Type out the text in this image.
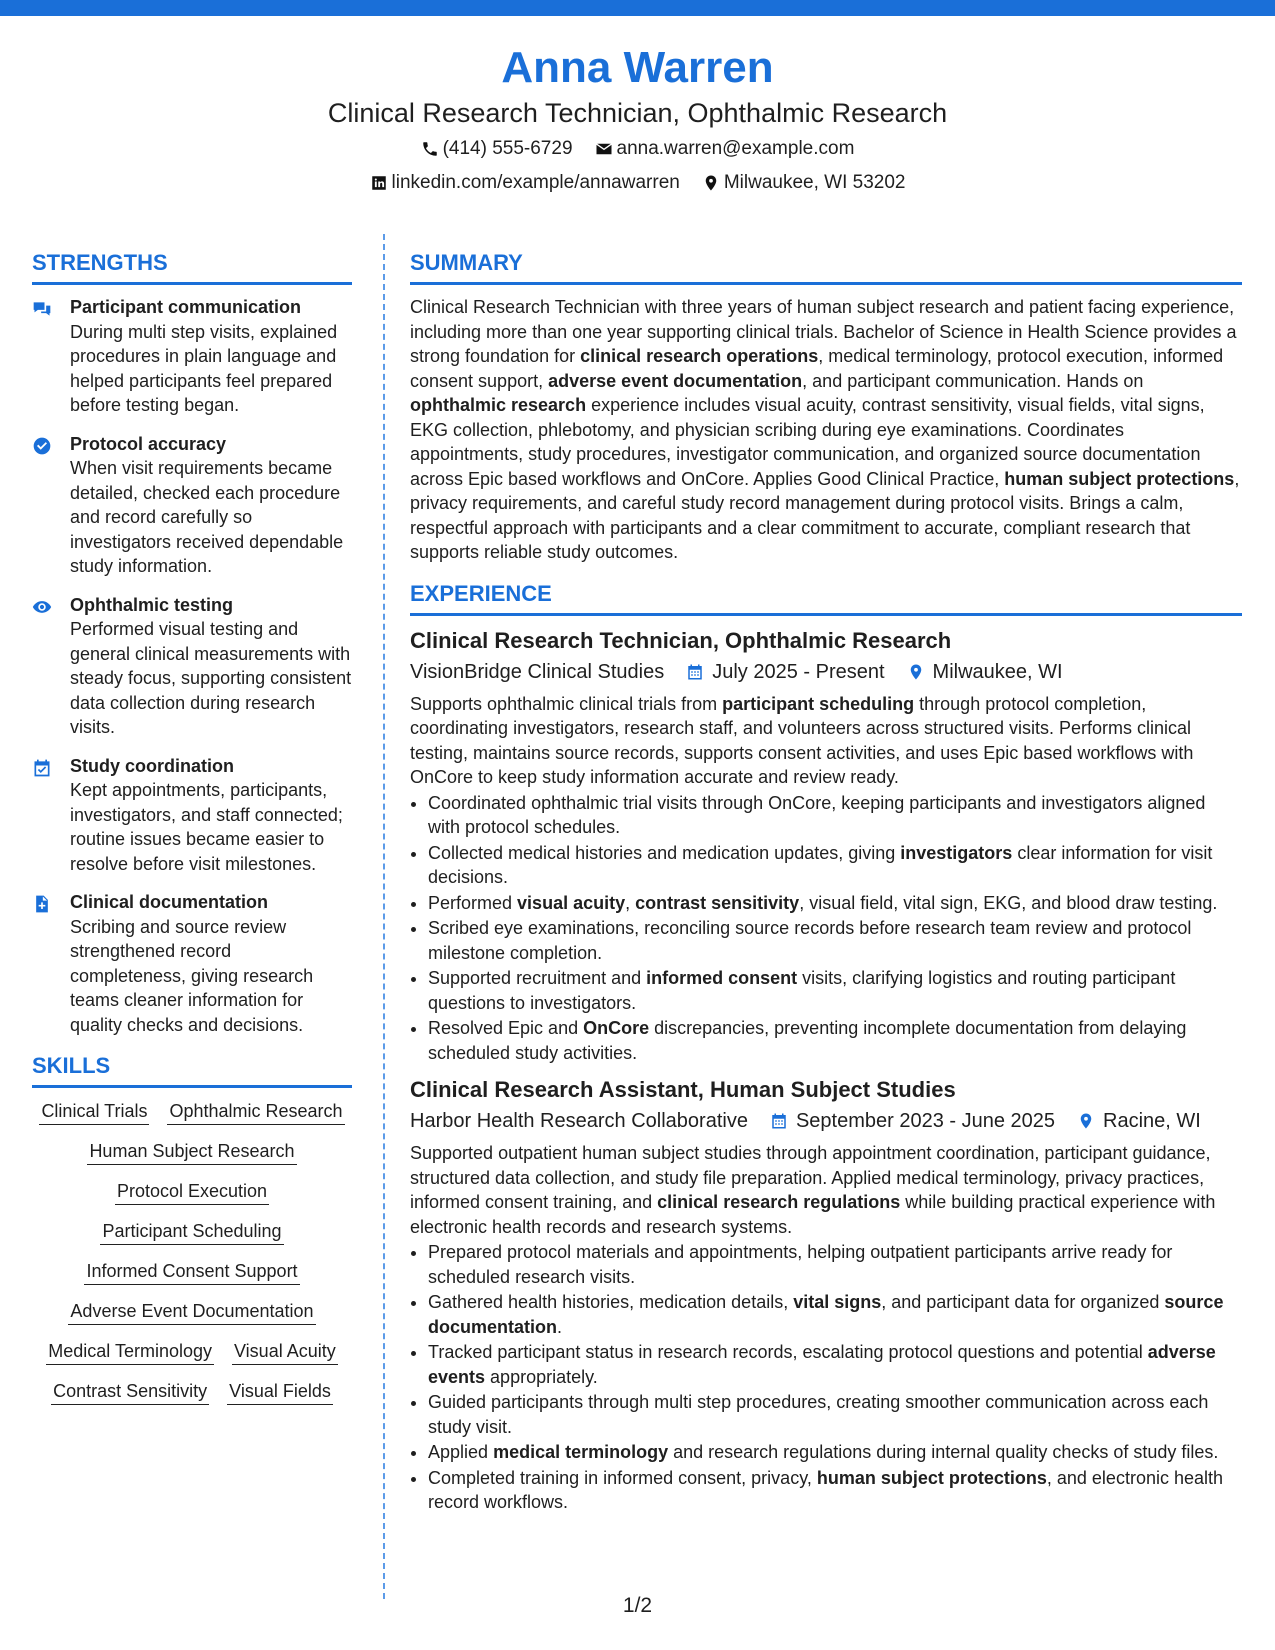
Anna Warren
Clinical Research Technician, Ophthalmic Research
(414) 555-6729 anna.warren@example.com
linkedin.com/example/annawarren Milwaukee, WI 53202
STRENGTHS
Participant communication
During multi step visits, explained procedures in plain language and helped participants feel prepared before testing began.
Protocol accuracy
When visit requirements became detailed, checked each procedure and record carefully so investigators received dependable study information.
Ophthalmic testing
Performed visual testing and general clinical measurements with steady focus, supporting consistent data collection during research visits.
Study coordination
Kept appointments, participants, investigators, and staff connected; routine issues became easier to resolve before visit milestones.
Clinical documentation
Scribing and source review strengthened record completeness, giving research teams cleaner information for quality checks and decisions.
SKILLS
Clinical Trials Ophthalmic Research
Human Subject Research
Protocol Execution
Participant Scheduling
Informed Consent Support
Adverse Event Documentation
Medical Terminology Visual Acuity
Contrast Sensitivity Visual Fields
SUMMARY
Clinical Research Technician with three years of human subject research and patient facing experience, including more than one year supporting clinical trials. Bachelor of Science in Health Science provides a strong foundation for clinical research operations, medical terminology, protocol execution, informed consent support, adverse event documentation, and participant communication. Hands on ophthalmic research experience includes visual acuity, contrast sensitivity, visual fields, vital signs, EKG collection, phlebotomy, and physician scribing during eye examinations. Coordinates appointments, study procedures, investigator communication, and organized source documentation across Epic based workflows and OnCore. Applies Good Clinical Practice, human subject protections, privacy requirements, and careful study record management during protocol visits. Brings a calm, respectful approach with participants and a clear commitment to accurate, compliant research that supports reliable study outcomes.
EXPERIENCE
Clinical Research Technician, Ophthalmic Research
VisionBridge Clinical Studies July 2025 - Present Milwaukee, WI
Supports ophthalmic clinical trials from participant scheduling through protocol completion, coordinating investigators, research staff, and volunteers across structured visits. Performs clinical testing, maintains source records, supports consent activities, and uses Epic based workflows with OnCore to keep study information accurate and review ready.
• Coordinated ophthalmic trial visits through OnCore, keeping participants and investigators aligned with protocol schedules.
• Collected medical histories and medication updates, giving investigators clear information for visit decisions.
• Performed visual acuity, contrast sensitivity, visual field, vital sign, EKG, and blood draw testing.
• Scribed eye examinations, reconciling source records before research team review and protocol milestone completion.
• Supported recruitment and informed consent visits, clarifying logistics and routing participant questions to investigators.
• Resolved Epic and OnCore discrepancies, preventing incomplete documentation from delaying scheduled study activities.
Clinical Research Assistant, Human Subject Studies
Harbor Health Research Collaborative September 2023 - June 2025 Racine, WI
Supported outpatient human subject studies through appointment coordination, participant guidance, structured data collection, and study file preparation. Applied medical terminology, privacy practices, informed consent training, and clinical research regulations while building practical experience with electronic health records and research systems.
• Prepared protocol materials and appointments, helping outpatient participants arrive ready for scheduled research visits.
• Gathered health histories, medication details, vital signs, and participant data for organized source documentation.
• Tracked participant status in research records, escalating protocol questions and potential adverse events appropriately.
• Guided participants through multi step procedures, creating smoother communication across each study visit.
• Applied medical terminology and research regulations during internal quality checks of study files.
• Completed training in informed consent, privacy, human subject protections, and electronic health record workflows.
1/2
